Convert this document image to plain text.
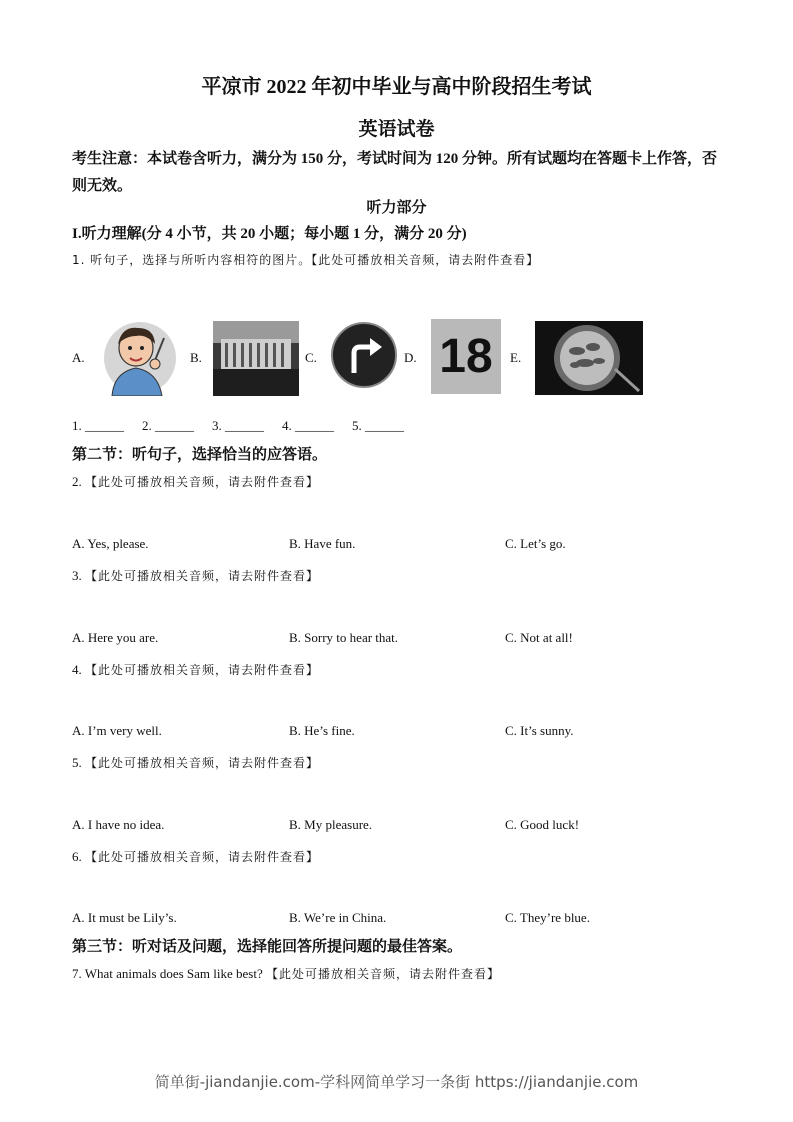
平凉市 2022 年初中毕业与高中阶段招生考试
英语试卷
考生注意：本试卷含听力，满分为 150 分，考试时间为 120 分钟。所有试题均在答题卡上作答，否则无效。
听力部分
I.听力理解(分 4 小节，共 20 小题；每小题 1 分，满分 20 分)
1. 听句子，选择与所听内容相符的图片。【此处可播放相关音频，请去附件查看】
A.	B.	C.	D. 18	E.
1. ______ 2. ______ 3. ______ 4. ______ 5. ______
第二节：听句子，选择恰当的应答语。
2. 【此处可播放相关音频，请去附件查看】
A. Yes, please.	B. Have fun.	C. Let’s go.
3. 【此处可播放相关音频，请去附件查看】
A. Here you are.	B. Sorry to hear that.	C. Not at all!
4. 【此处可播放相关音频，请去附件查看】
A. I’m very well.	B. He’s fine.	C. It’s sunny.
5. 【此处可播放相关音频，请去附件查看】
A. I have no idea.	B. My pleasure.	C. Good luck!
6. 【此处可播放相关音频，请去附件查看】
A. It must be Lily’s.	B. We’re in China.	C. They’re blue.
第三节：听对话及问题，选择能回答所提问题的最佳答案。
7. What animals does Sam like best? 【此处可播放相关音频，请去附件查看】
简单街-jiandanjie.com-学科网简单学习一条街 https://jiandanjie.com
